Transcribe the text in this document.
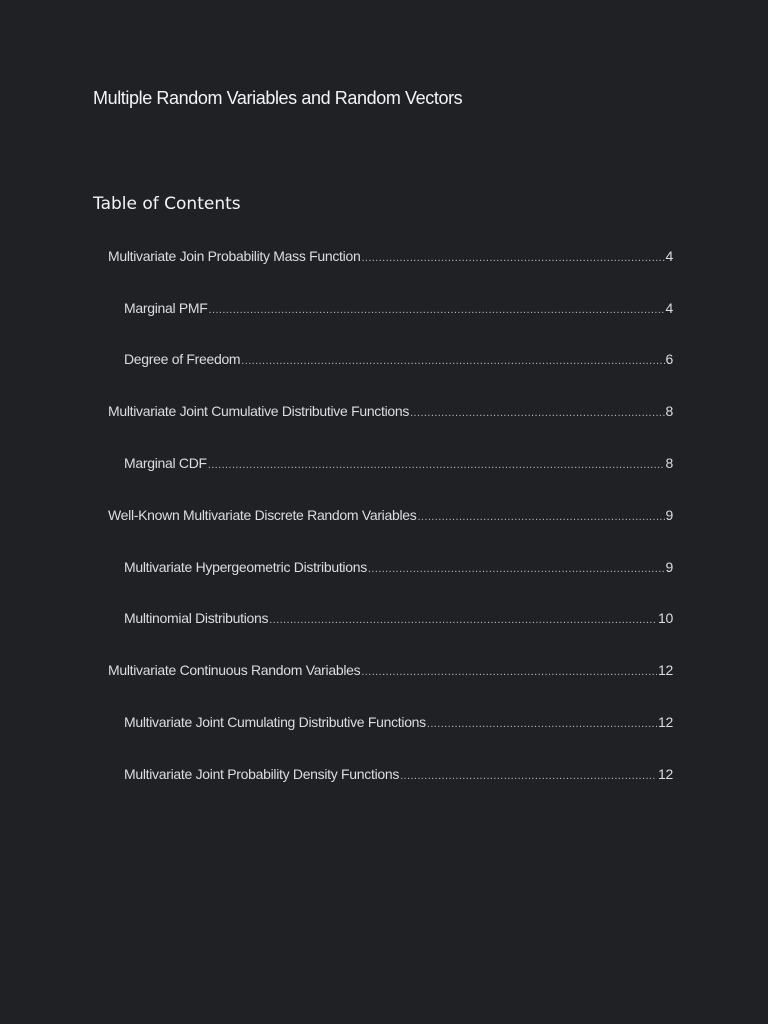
Multiple Random Variables and Random Vectors
Table of Contents
Multivariate Join Probability Mass Function .....	4
Marginal PMF .....	4
Degree of Freedom .....	6
Multivariate Joint Cumulative Distributive Functions .....	8
Marginal CDF .....	8
Well-Known Multivariate Discrete Random Variables .....	9
Multivariate Hypergeometric Distributions .....	9
Multinomial Distributions .....	10
Multivariate Continuous Random Variables .....	12
Multivariate Joint Cumulating Distributive Functions .....	12
Multivariate Joint Probability Density Functions .....	12
